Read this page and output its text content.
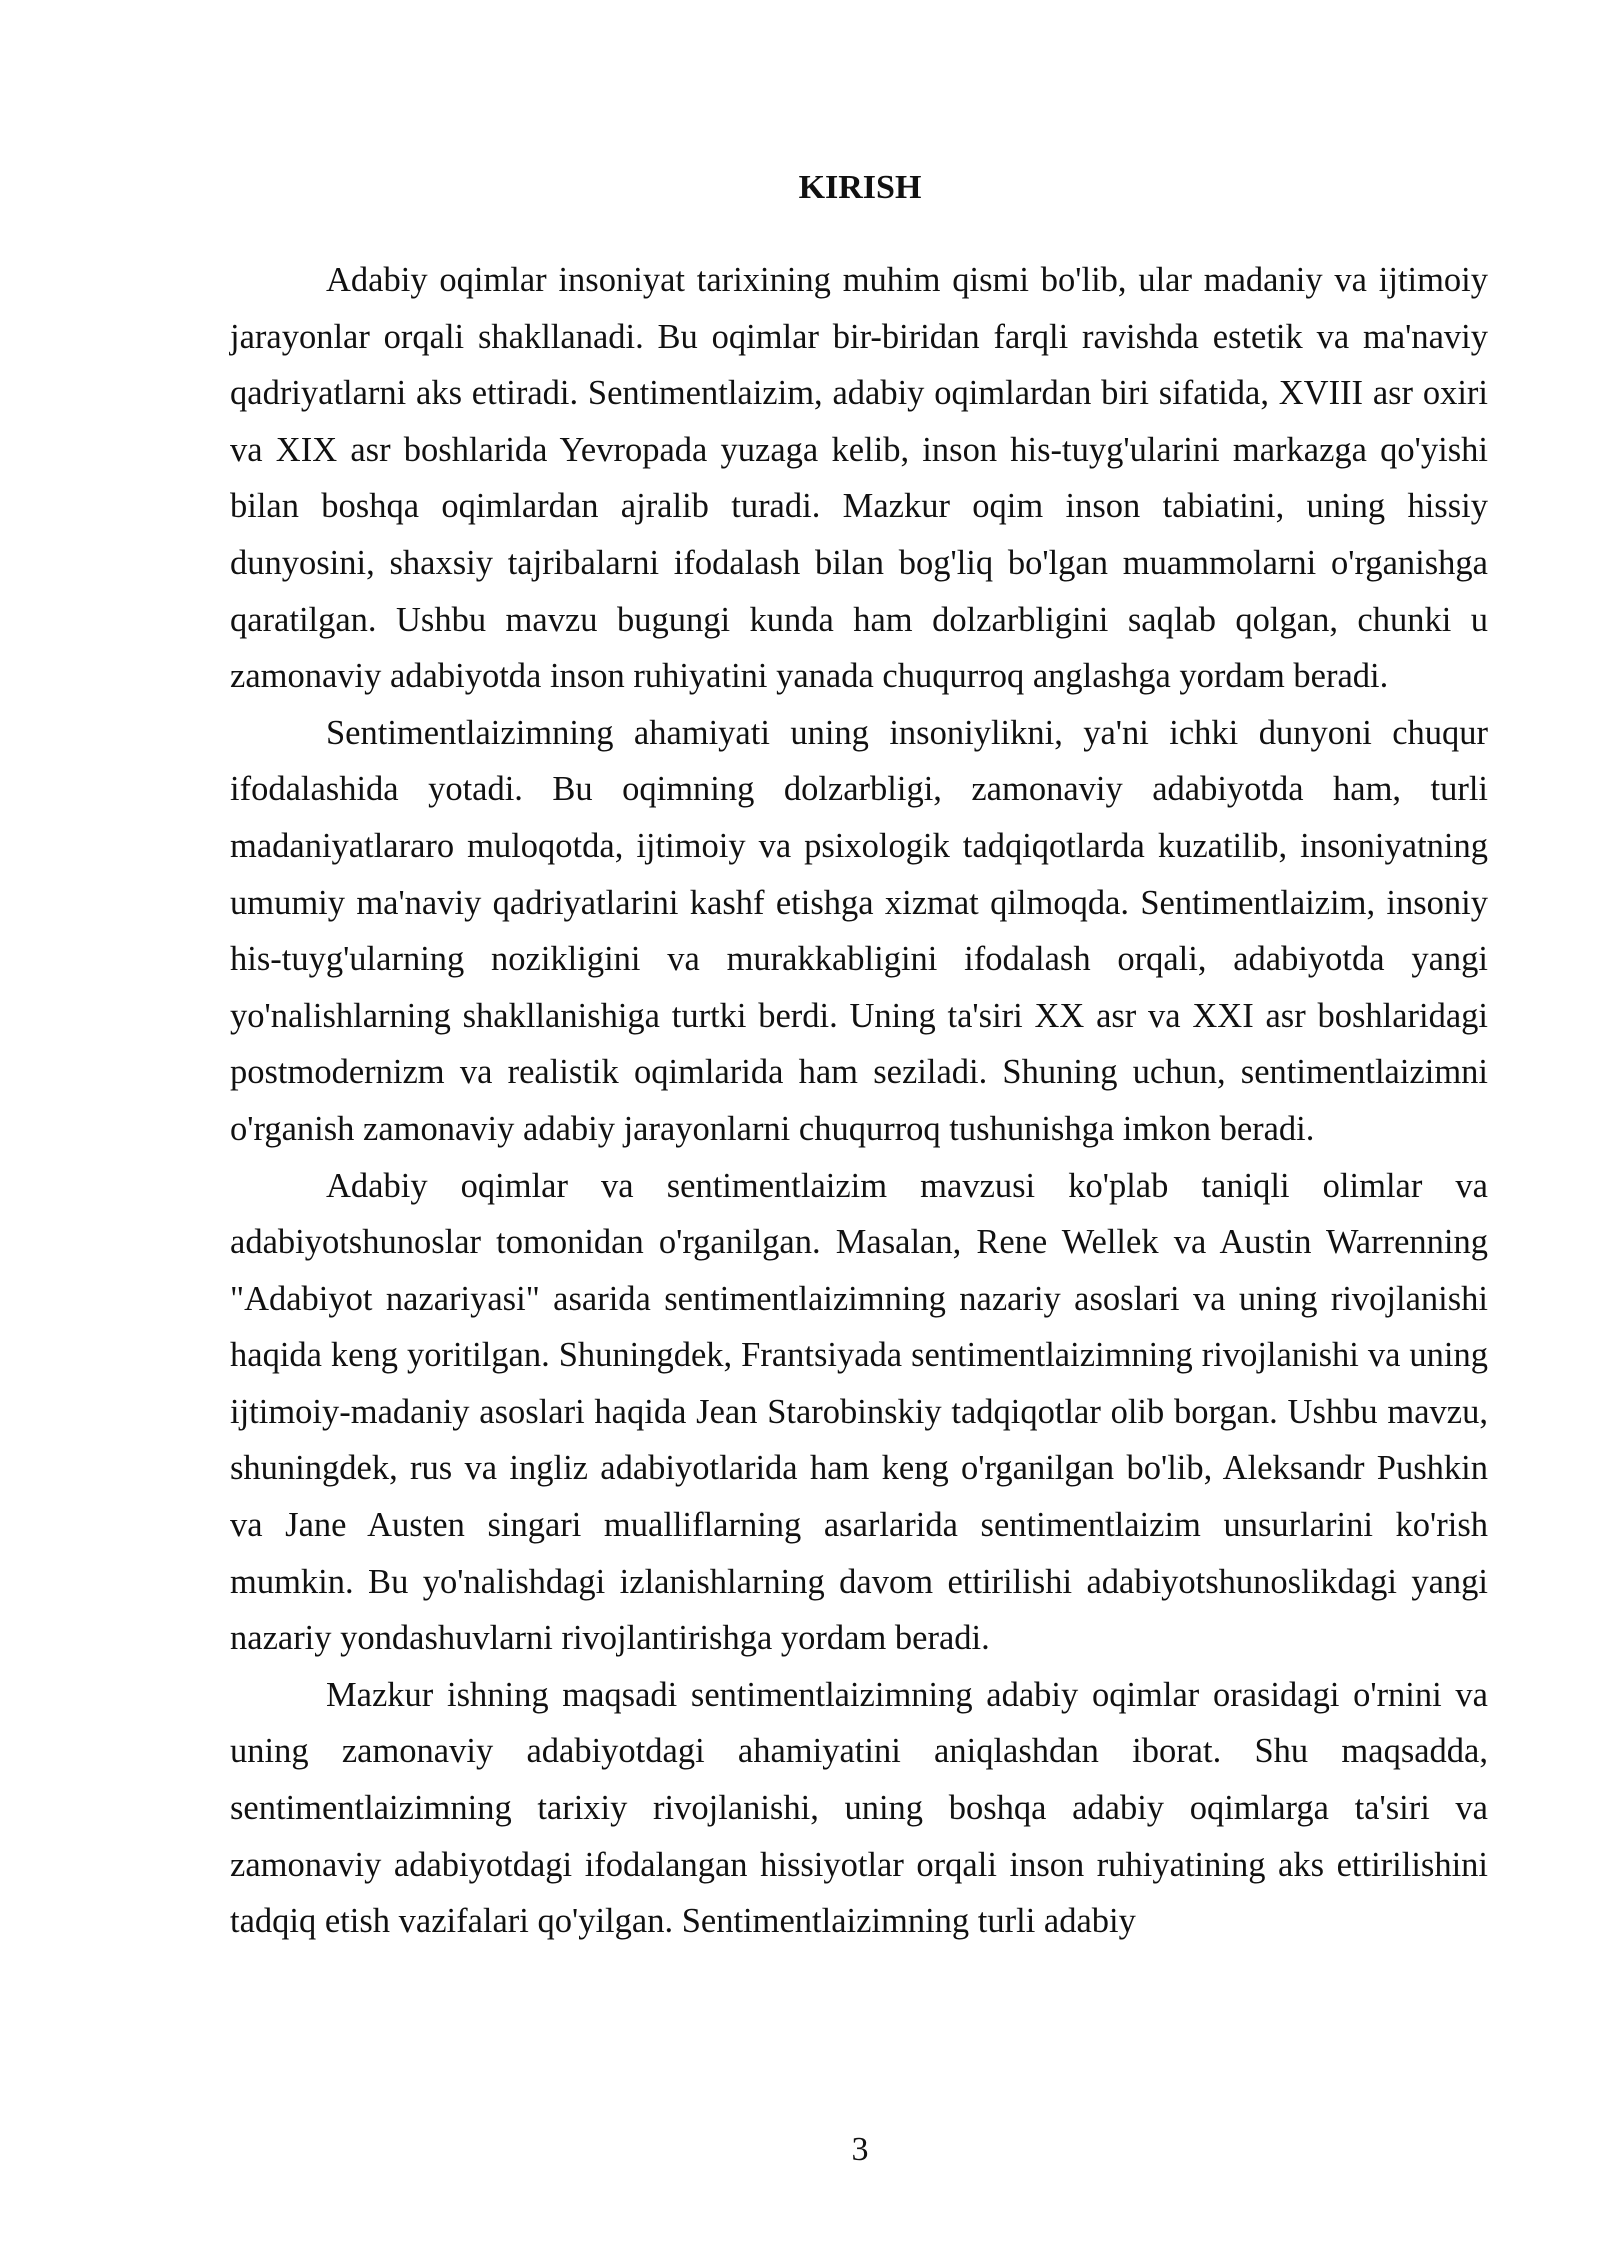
KIRISH

Adabiy oqimlar insoniyat tarixining muhim qismi bo'lib, ular madaniy va ijtimoiy jarayonlar orqali shakllanadi. Bu oqimlar bir-biridan farqli ravishda estetik va ma'naviy qadriyatlarni aks ettiradi. Sentimentlaizim, adabiy oqimlardan biri sifatida, XVIII asr oxiri va XIX asr boshlarida Yevropada yuzaga kelib, inson his-tuyg'ularini markazga qo'yishi bilan boshqa oqimlardan ajralib turadi. Mazkur oqim inson tabiatini, uning hissiy dunyosini, shaxsiy tajribalarni ifodalash bilan bog'liq bo'lgan muammolarni o'rganishga qaratilgan. Ushbu mavzu bugungi kunda ham dolzarbligini saqlab qolgan, chunki u zamonaviy adabiyotda inson ruhiyatini yanada chuqurroq anglashga yordam beradi.

Sentimentlaizimning ahamiyati uning insoniylikni, ya'ni ichki dunyoni chuqur ifodalashida yotadi. Bu oqimning dolzarbligi, zamonaviy adabiyotda ham, turli madaniyatlararo muloqotda, ijtimoiy va psixologik tadqiqotlarda kuzatilib, insoniyatning umumiy ma'naviy qadriyatlarini kashf etishga xizmat qilmoqda. Sentimentlaizim, insoniy his-tuyg'ularning nozikligini va murakkabligini ifodalash orqali, adabiyotda yangi yo'nalishlarning shakllanishiga turtki berdi. Uning ta'siri XX asr va XXI asr boshlaridagi postmodernizm va realistik oqimlarida ham seziladi. Shuning uchun, sentimentlaizimni o'rganish zamonaviy adabiy jarayonlarni chuqurroq tushunishga imkon beradi.

Adabiy oqimlar va sentimentlaizim mavzusi ko'plab taniqli olimlar va adabiyotshunoslar tomonidan o'rganilgan. Masalan, Rene Wellek va Austin Warrenning "Adabiyot nazariyasi" asarida sentimentlaizimning nazariy asoslari va uning rivojlanishi haqida keng yoritilgan. Shuningdek, Frantsiyada sentimentlaizimning rivojlanishi va uning ijtimoiy-madaniy asoslari haqida Jean Starobinskiy tadqiqotlar olib borgan. Ushbu mavzu, shuningdek, rus va ingliz adabiyotlarida ham keng o'rganilgan bo'lib, Aleksandr Pushkin va Jane Austen singari mualliflarning asarlarida sentimentlaizim unsurlarini ko'rish mumkin. Bu yo'nalishdagi izlanishlarning davom ettirilishi adabiyotshunoslikdagi yangi nazariy yondashuvlarni rivojlantirishga yordam beradi.

Mazkur ishning maqsadi sentimentlaizimning adabiy oqimlar orasidagi o'rnini va uning zamonaviy adabiyotdagi ahamiyatini aniqlashdan iborat. Shu maqsadda, sentimentlaizimning tarixiy rivojlanishi, uning boshqa adabiy oqimlarga ta'siri va zamonaviy adabiyotdagi ifodalangan hissiyotlar orqali inson ruhiyatining aks ettirilishini tadqiq etish vazifalari qo'yilgan. Sentimentlaizimning turli adabiy

3
